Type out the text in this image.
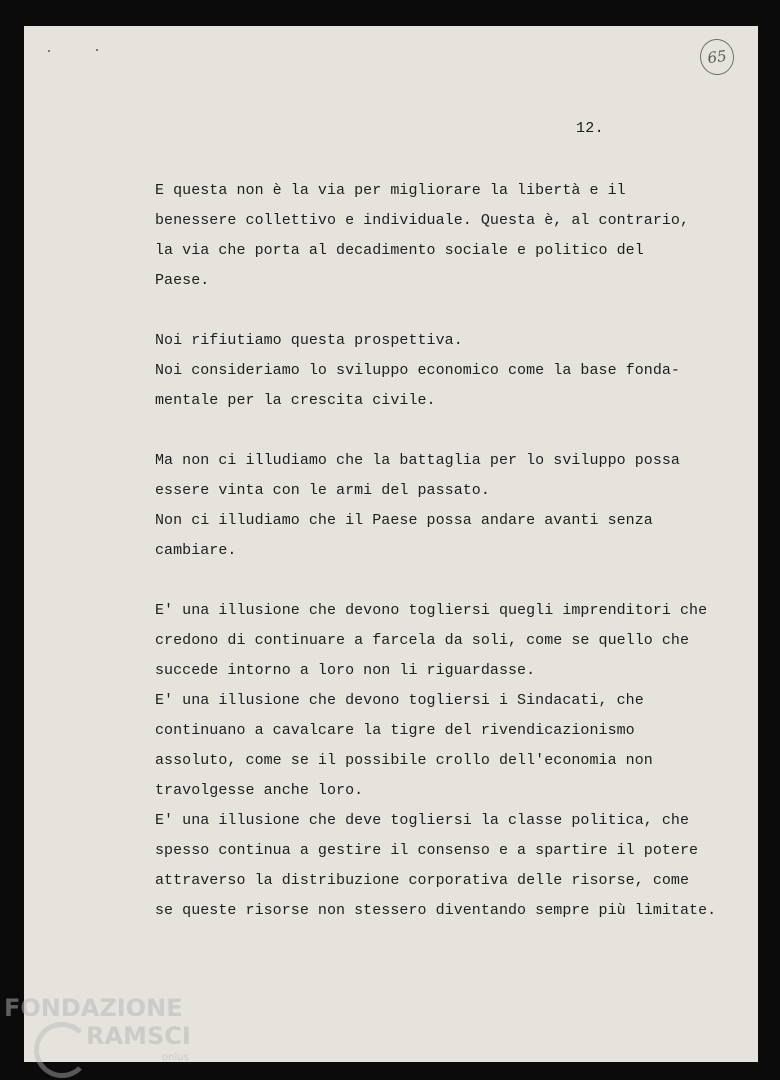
65
12.
E questa non è la via per migliorare la libertà e il
benessere collettivo e individuale. Questa è, al contrario,
la via che porta al decadimento sociale e politico del
Paese.
Noi rifiutiamo questa prospettiva.
Noi consideriamo lo sviluppo economico come la base fonda-
mentale per la crescita civile.
Ma non ci illudiamo che la battaglia per lo sviluppo possa
essere vinta con le armi del passato.
Non ci illudiamo che il Paese possa andare avanti senza
cambiare.
E' una illusione che devono togliersi quegli imprenditori che
credono di continuare a farcela da soli, come se quello che
succede intorno a loro non li riguardasse.
E' una illusione che devono togliersi i Sindacati, che
continuano a cavalcare la tigre del rivendicazionismo
assoluto, come se il possibile crollo dell'economia non
travolgesse anche loro.
E' una illusione che deve togliersi la classe politica, che
spesso continua a gestire il consenso e a spartire il potere
attraverso la distribuzione corporativa delle risorse, come
se queste risorse non stessero diventando sempre più limitate.
FONDAZIONE
RAMSCI
onlus
